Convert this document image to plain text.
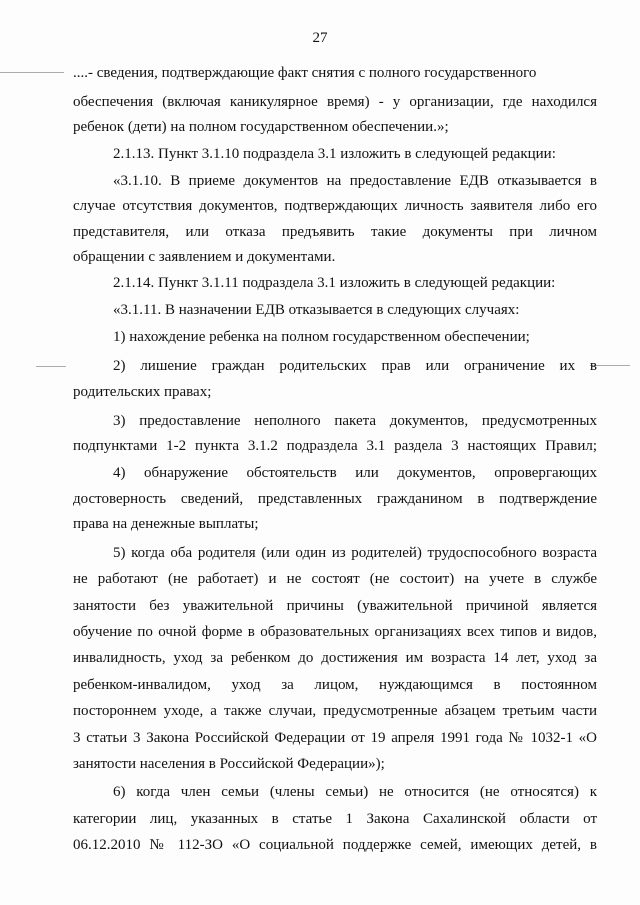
27
....- сведения, подтверждающие факт снятия с полного государственного
обеспечения (включая каникулярное время) - у организации, где находился
ребенок (дети) на полном государственном обеспечении.»;
2.1.13. Пункт 3.1.10 подраздела 3.1 изложить в следующей редакции:
«3.1.10. В приеме документов на предоставление ЕДВ отказывается в
случае отсутствия документов, подтверждающих личность заявителя либо его
представителя, или отказа предъявить такие документы при личном
обращении с заявлением и документами.
2.1.14. Пункт 3.1.11 подраздела 3.1 изложить в следующей редакции:
«3.1.11. В назначении ЕДВ отказывается в следующих случаях:
1) нахождение ребенка на полном государственном обеспечении;
2) лишение граждан родительских прав или ограничение их в
родительских правах;
3) предоставление неполного пакета документов, предусмотренных
подпунктами 1-2 пункта 3.1.2 подраздела 3.1 раздела 3 настоящих Правил;
4) обнаружение обстоятельств или документов, опровергающих
достоверность сведений, представленных гражданином в подтверждение
права на денежные выплаты;
5) когда оба родителя (или один из родителей) трудоспособного возраста
не работают (не работает) и не состоят (не состоит) на учете в службе
занятости без уважительной причины (уважительной причиной является
обучение по очной форме в образовательных организациях всех типов и видов,
инвалидность, уход за ребенком до достижения им возраста 14 лет, уход за
ребенком-инвалидом, уход за лицом, нуждающимся в постоянном
постороннем уходе, а также случаи, предусмотренные абзацем третьим части
3 статьи 3 Закона Российской Федерации от 19 апреля 1991 года № 1032-1 «О
занятости населения в Российской Федерации»);
6) когда член семьи (члены семьи) не относится (не относятся) к
категории лиц, указанных в статье 1 Закона Сахалинской области от
06.12.2010 № 112-ЗО «О социальной поддержке семей, имеющих детей, в
